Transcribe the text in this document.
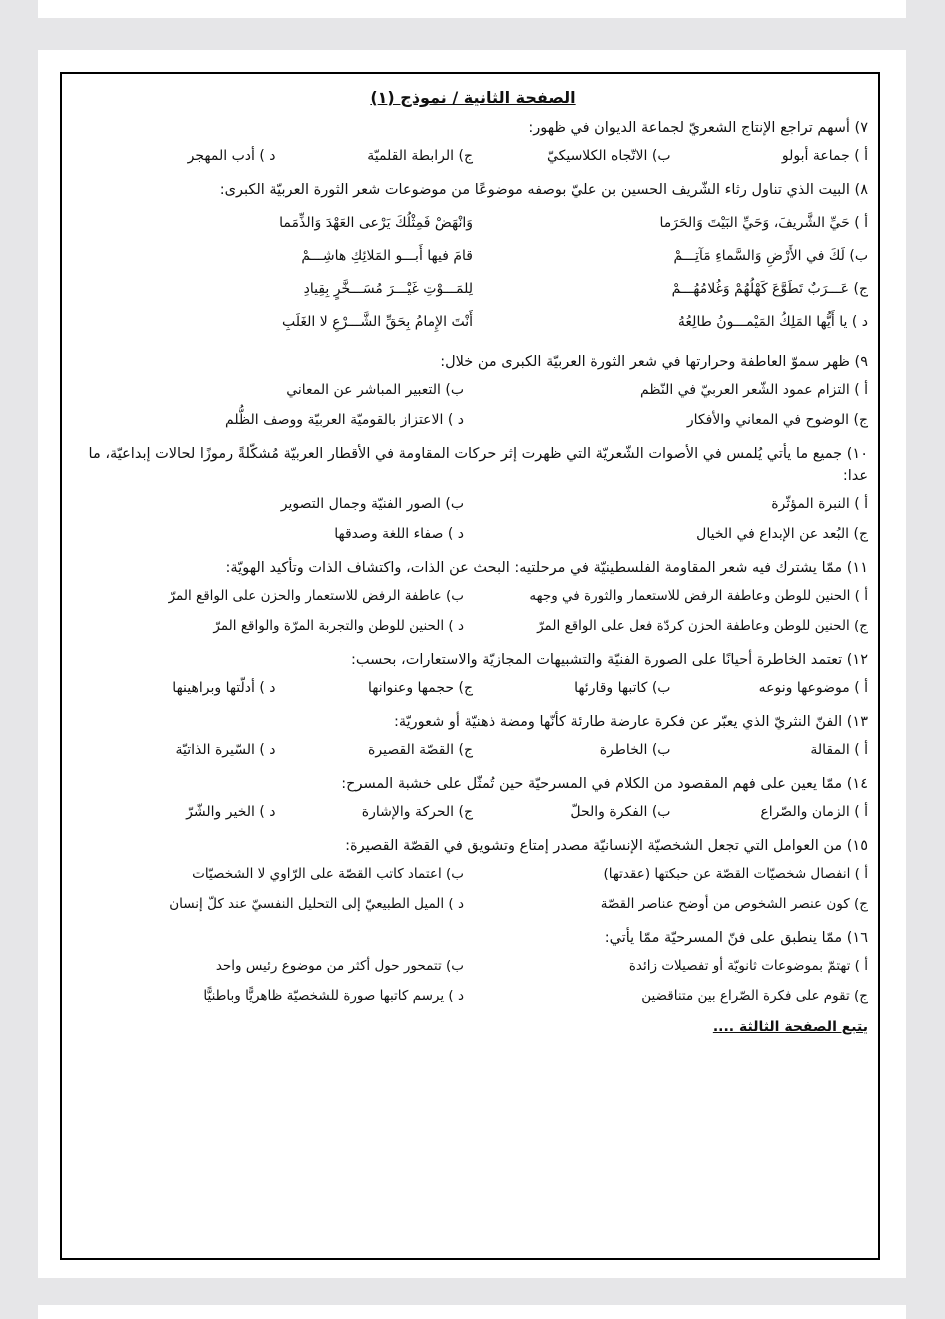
الصفحة الثانية / نموذج (١)

٧) أسهم تراجع الإنتاج الشعريّ لجماعة الديوان في ظهور:

أ ) جماعة أبولو
ب) الاتّجاه الكلاسيكيّ
ج) الرابطة القلميّة
د ) أدب المهجر

٨) البيت الذي تناول رثاء الشّريف الحسين بن عليّ بوصفه موضوعًا من موضوعات شعر الثورة العربيّة الكبرى:

أ ) حَيِّ الشَّريفَ، وَحَيِّ البَيْتَ وَالحَرَما
وَانْهَضْ فَمِثْلُكَ يَرْعى العَهْدَ وَالذِّمَما
ب) لَكَ في الأَرْضِ وَالسَّماءِ مَآتِـــمْ
قامَ فيها أَبـــو المَلائِكِ هاشِـــمْ
ج) عَـــرَبٌ تَطَوَّعَ كَهْلُهُمْ وَغُلامُهُـــمْ
لِلمَـــوْتِ غَيْـــرَ مُسَـــخَّرٍ بِقِيادِ
د ) يا أَيُّها المَلِكُ المَيْمـــونُ طالِعُهُ
أَنْتَ الإِمامُ بِحَقِّ الشَّـــرْعِ لا الغَلَبِ

٩) ظهر سموّ العاطفة وحرارتها في شعر الثورة العربيّة الكبرى من خلال:

أ ) التزام عمود الشّعر العربيّ في النّظم
ب) التعبير المباشر عن المعاني
ج) الوضوح في المعاني والأفكار
د ) الاعتزاز بالقوميّة العربيّة ووصف الظُّلم

١٠) جميع ما يأتي يُلمس في الأصوات الشّعريّة التي ظهرت إثر حركات المقاومة في الأقطار العربيّة مُشكّلةً رموزًا لحالات إبداعيّة، ما عدا:

أ ) النبرة المؤثّرة
ب) الصور الفنيّة وجمال التصوير
ج) البُعد عن الإبداع في الخيال
د ) صفاء اللغة وصدقها

١١) ممّا يشترك فيه شعر المقاومة الفلسطينيّة في مرحلتيه: البحث عن الذات، واكتشاف الذات وتأكيد الهويّة:

أ ) الحنين للوطن وعاطفة الرفض للاستعمار والثورة في وجهه
ب) عاطفة الرفض للاستعمار والحزن على الواقع المرّ
ج) الحنين للوطن وعاطفة الحزن كردّة فعل على الواقع المرّ
د ) الحنين للوطن والتجربة المرّة والواقع المرّ

١٢) تعتمد الخاطرة أحيانًا على الصورة الفنيّة والتشبيهات المجازيّة والاستعارات، بحسب:

أ ) موضوعها ونوعه
ب) كاتبها وقارئها
ج) حجمها وعنوانها
د ) أدلّتها وبراهينها

١٣) الفنّ النثريّ الذي يعبّر عن فكرة عارضة طارئة كأنّها ومضة ذهنيّة أو شعوريّة:

أ ) المقالة
ب) الخاطرة
ج) القصّة القصيرة
د ) السّيرة الذاتيّة

١٤) ممّا يعين على فهم المقصود من الكلام في المسرحيّة حين تُمثّل على خشبة المسرح:

أ ) الزمان والصّراع
ب) الفكرة والحلّ
ج) الحركة والإشارة
د ) الخير والشّرّ

١٥) من العوامل التي تجعل الشخصيّة الإنسانيّة مصدر إمتاع وتشويق في القصّة القصيرة:

أ ) انفصال شخصيّات القصّة عن حبكتها (عقدتها)
ب) اعتماد كاتب القصّة على الرّاوي لا الشخصيّات
ج) كون عنصر الشخوص من أوضح عناصر القصّة
د ) الميل الطبيعيّ إلى التحليل النفسيّ عند كلّ إنسان

١٦) ممّا ينطبق على فنّ المسرحيّة ممّا يأتي:

أ ) تهتمّ بموضوعات ثانويّة أو تفصيلات زائدة
ب) تتمحور حول أكثر من موضوع رئيس واحد
ج) تقوم على فكرة الصّراع بين متناقضين
د ) يرسم كاتبها صورة للشخصيّة ظاهريًّا وباطنيًّا
يتبع الصفحة الثالثة ....
